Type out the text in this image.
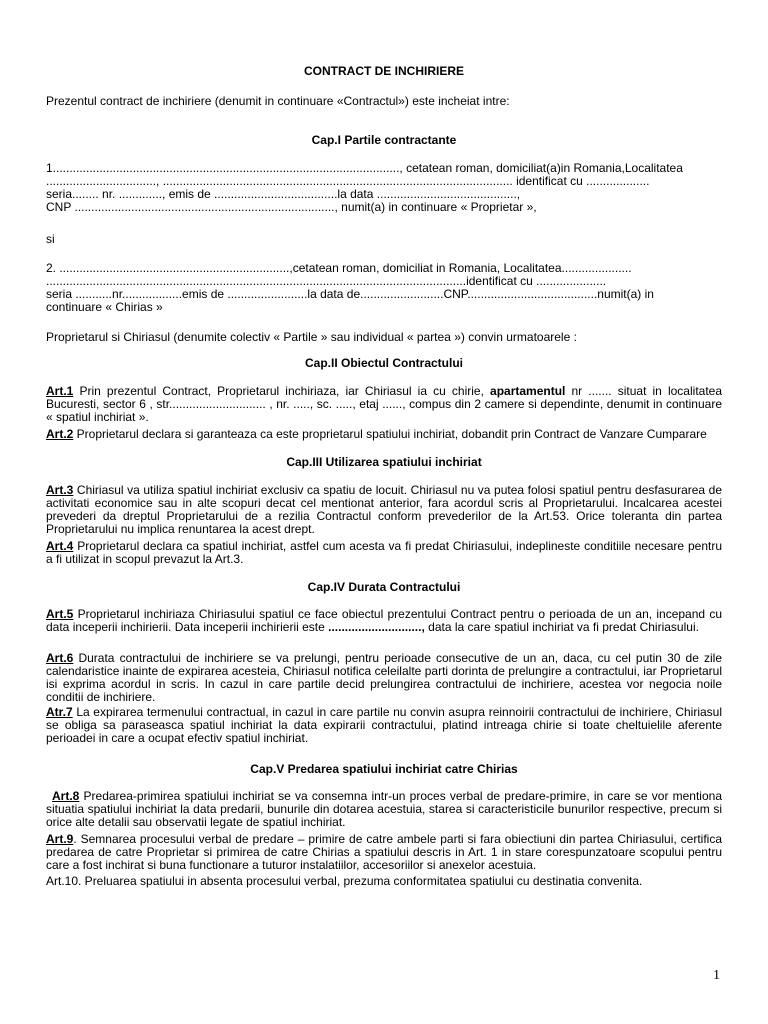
CONTRACT DE INCHIRIERE
Prezentul contract de inchiriere (denumit in continuare «Contractul») este incheiat intre:
Cap.I Partile contractante
1........................................................................................................, cetatean roman, domiciliat(a)in Romania,Localitatea
................................., ......................................................................................................... identificat cu ...................
seria........ nr. ............., emis de .....................................la data ..........................................,
CNP .............................................................................., numit(a) in continuare « Proprietar »,
si
2. .....................................................................,cetatean roman, domiciliat in Romania, Localitatea.....................
..............................................................................................................................identificat cu .....................
seria ...........nr..................emis de ........................la data de.........................CNP.......................................numit(a) in
continuare « Chirias »
Proprietarul si Chiriasul (denumite colectiv « Partile » sau individual « partea ») convin urmatoarele :
Cap.II Obiectul Contractului
Art.1 Prin prezentul Contract, Proprietarul inchiriaza, iar Chiriasul ia cu chirie, apartamentul nr ....... situat in localitatea Bucuresti, sector 6 , str............................. , nr. ....., sc. ....., etaj ......, compus din 2 camere si dependinte, denumit in continuare « spatiul inchiriat ».
Art.2 Proprietarul declara si garanteaza ca este proprietarul spatiului inchiriat, dobandit prin Contract de Vanzare Cumparare
Cap.III Utilizarea spatiului inchiriat
Art.3 Chiriasul va utiliza spatiul inchiriat exclusiv ca spatiu de locuit. Chiriasul nu va putea folosi spatiul pentru desfasurarea de activitati economice sau in alte scopuri decat cel mentionat anterior, fara acordul scris al Proprietarului. Incalcarea acestei prevederi da dreptul Proprietarului de a rezilia Contractul conform prevederilor de la Art.53. Orice toleranta din partea Proprietarului nu implica renuntarea la acest drept.
Art.4 Proprietarul declara ca spatiul inchiriat, astfel cum acesta va fi predat Chiriasului, indeplineste conditiile necesare pentru a fi utilizat in scopul prevazut la Art.3.
Cap.IV Durata Contractului
Art.5 Proprietarul inchiriaza Chiriasului spatiul ce face obiectul prezentului Contract pentru o perioada de un an, incepand cu data inceperii inchirierii. Data inceperii inchirierii este ............................, data la care spatiul inchiriat va fi predat Chiriasului.
Art.6 Durata contractului de inchiriere se va prelungi, pentru perioade consecutive de un an, daca, cu cel putin 30 de zile calendaristice inainte de expirarea acesteia, Chiriasul notifica celeilalte parti dorinta de prelungire a contractului, iar Proprietarul isi exprima acordul in scris. In cazul in care partile decid prelungirea contractului de inchiriere, acestea vor negocia noile conditii de inchiriere.
Atr.7 La expirarea termenului contractual, in cazul in care partile nu convin asupra reinnoirii contractului de inchiriere, Chiriasul se obliga sa paraseasca spatiul inchiriat la data expirarii contractului, platind intreaga chirie si toate cheltuielile aferente perioadei in care a ocupat efectiv spatiul inchiriat.
Cap.V Predarea spatiului inchiriat catre Chirias
Art.8 Predarea-primirea spatiului inchiriat se va consemna intr-un proces verbal de predare-primire, in care se vor mentiona situatia spatiului inchiriat la data predarii, bunurile din dotarea acestuia, starea si caracteristicile bunurilor respective, precum si orice alte detalii sau observatii legate de spatiul inchiriat.
Art.9. Semnarea procesului verbal de predare – primire de catre ambele parti si fara obiectiuni din partea Chiriasului, certifica predarea de catre Proprietar si primirea de catre Chirias a spatiului descris in Art. 1 in stare corespunzatoare scopului pentru care a fost inchirat si buna functionare a tuturor instalatiilor, accesoriilor si anexelor acestuia.
Art.10. Preluarea spatiului in absenta procesului verbal, prezuma conformitatea spatiului cu destinatia convenita.
1
